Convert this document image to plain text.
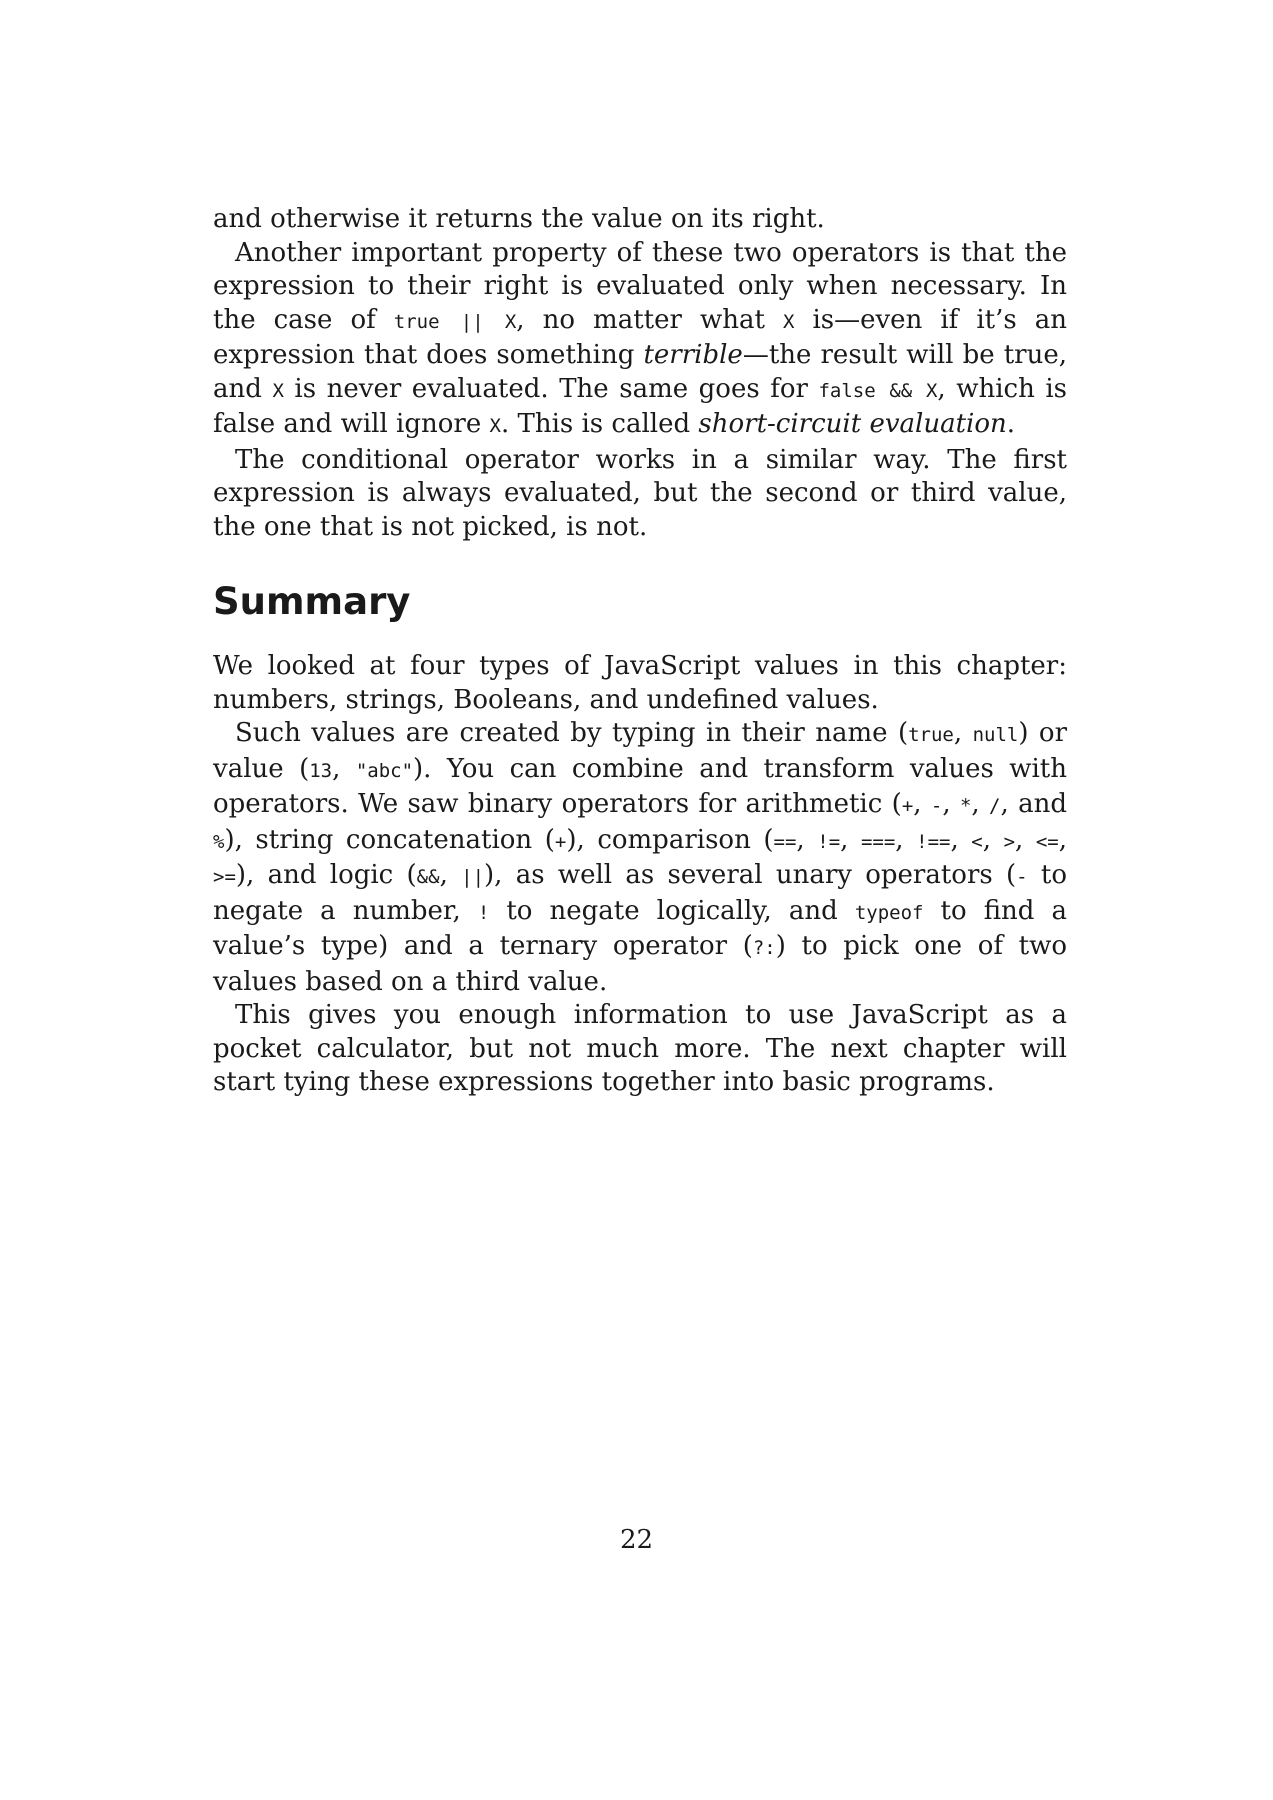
and otherwise it returns the value on its right.

Another important property of these two operators is that the expression to their right is evaluated only when necessary. In the case of true || X, no matter what X is—even if it’s an expression that does something terrible—the result will be true, and X is never evaluated. The same goes for false && X, which is false and will ignore X. This is called short-circuit evaluation.

The conditional operator works in a similar way. The first expression is always evaluated, but the second or third value, the one that is not picked, is not.

Summary

We looked at four types of JavaScript values in this chapter: numbers, strings, Booleans, and undefined values.

Such values are created by typing in their name (true, null) or value (13, "abc"). You can combine and transform values with operators. We saw binary operators for arithmetic (+, -, *, /, and %), string concatenation (+), comparison (==, !=, ===, !==, <, >, <=, >=), and logic (&&, ||), as well as several unary operators (- to negate a number, ! to negate logically, and typeof to find a value’s type) and a ternary operator (?:) to pick one of two values based on a third value.

This gives you enough information to use JavaScript as a pocket calculator, but not much more. The next chapter will start tying these expressions together into basic programs.

22
